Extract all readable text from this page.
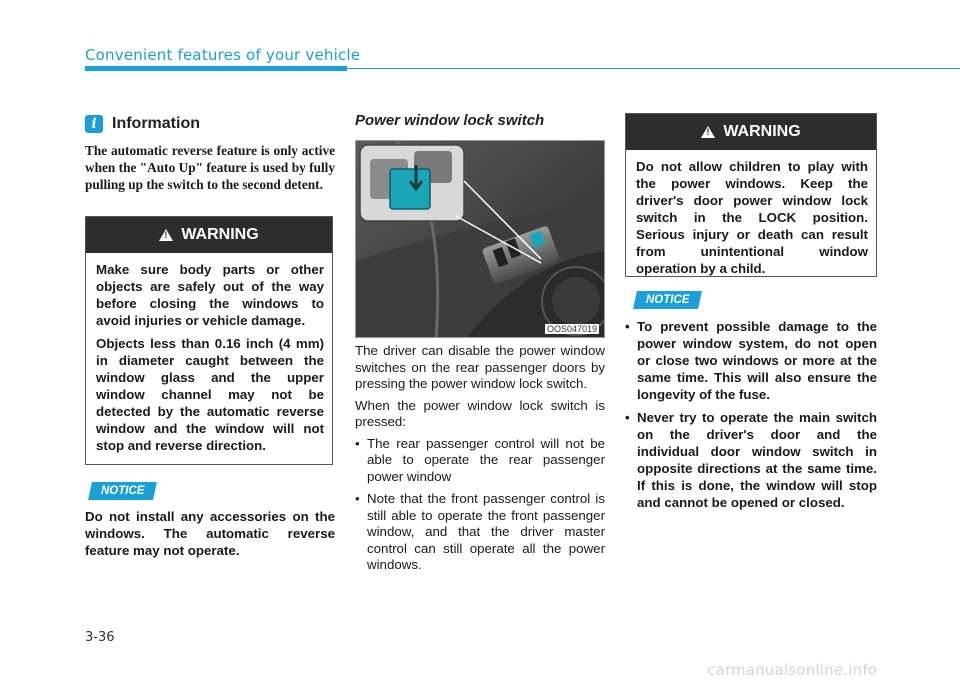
Convenient features of your vehicle
i Information
The automatic reverse feature is only active when the "Auto Up" feature is used by fully pulling up the switch to the second detent.
!
WARNING

Make sure body parts or other objects are safely out of the way before closing the windows to avoid injuries or vehicle damage.

Objects less than 0.16 inch (4 mm) in diameter caught between the window glass and the upper window channel may not be detected by the automatic reverse window and the window will not stop and reverse direction.

NOTICE
Do not install any accessories on the windows. The automatic reverse feature may not operate.
Power window lock switch
OOS047019

The driver can disable the power window switches on the rear passenger doors by pressing the power window lock switch.

When the power window lock switch is pressed:

• The rear passenger control will not be able to operate the rear passenger power window
• Note that the front passenger control is still able to operate the front passenger window, and that the driver master control can still operate all the power windows.
!
WARNING

Do not allow children to play with the power windows. Keep the driver's door power window lock switch in the LOCK position. Serious injury or death can result from unintentional window operation by a child.

NOTICE
• To prevent possible damage to the power window system, do not open or close two windows or more at the same time. This will also ensure the longevity of the fuse.
• Never try to operate the main switch on the driver's door and the individual door window switch in opposite directions at the same time. If this is done, the window will stop and cannot be opened or closed.
3-36
carmanualsonline.info
